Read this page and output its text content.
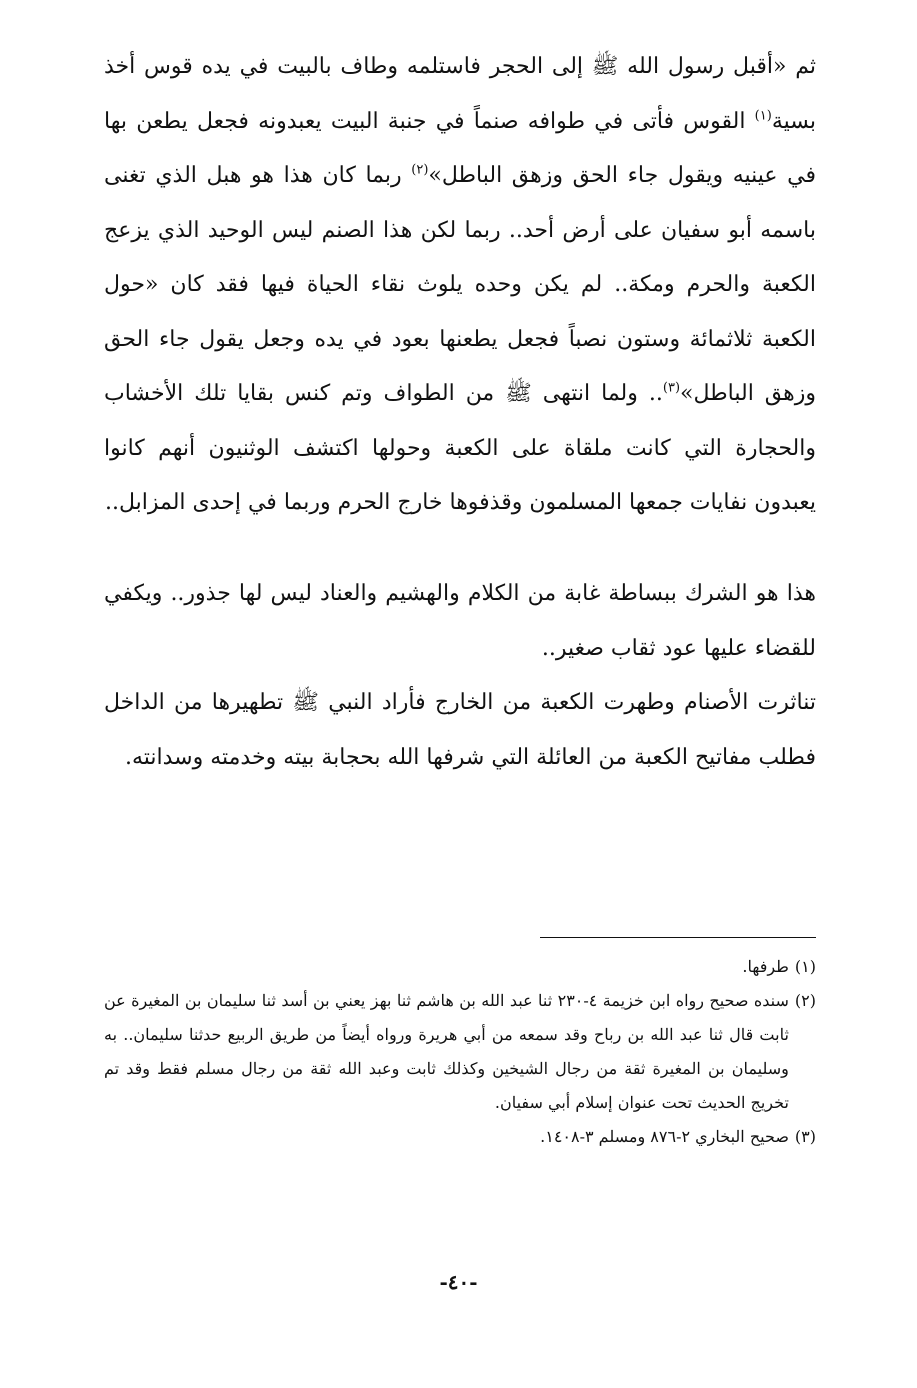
ثم «أقبل رسول الله ﷺ إلى الحجر فاستلمه وطاف بالبيت في يده قوس أخذ بسية$^{(١)}$ القوس فأتى في طوافه صنماً في جنبة البيت يعبدونه فجعل يطعن بها في عينيه ويقول جاء الحق وزهق الباطل»$^{(٢)}$ ربما كان هذا هو هبل الذي تغنى باسمه أبو سفيان على أرض أحد.. ربما لكن هذا الصنم ليس الوحيد الذي يزعج الكعبة والحرم ومكة.. لم يكن وحده يلوث نقاء الحياة فيها فقد كان «حول الكعبة ثلاثمائة وستون نصباً فجعل يطعنها بعود في يده وجعل يقول جاء الحق وزهق الباطل»$^{(٣)}$.. ولما انتهى ﷺ من الطواف وتم كنس بقايا تلك الأخشاب والحجارة التي كانت ملقاة على الكعبة وحولها اكتشف الوثنيون أنهم كانوا يعبدون نفايات جمعها المسلمون وقذفوها خارج الحرم وربما في إحدى المزابل..

هذا هو الشرك ببساطة غابة من الكلام والهشيم والعناد ليس لها جذور.. ويكفي للقضاء عليها عود ثقاب صغير..

تناثرت الأصنام وطهرت الكعبة من الخارج فأراد النبي ﷺ تطهيرها من الداخل فطلب مفاتيح الكعبة من العائلة التي شرفها الله بحجابة بيته وخدمته وسدانته.

(١)
طرفها.
(٢)
سنده صحيح رواه ابن خزيمة ٤-٢٣٠ ثنا عبد الله بن هاشم ثنا بهز يعني بن أسد ثنا سليمان بن المغيرة عن ثابت قال ثنا عبد الله بن رباح وقد سمعه من أبي هريرة ورواه أيضاً من طريق الربيع حدثنا سليمان.. به وسليمان بن المغيرة ثقة من رجال الشيخين وكذلك ثابت وعبد الله ثقة من رجال مسلم فقط وقد تم تخريج الحديث تحت عنوان إسلام أبي سفيان.
(٣)
صحيح البخاري ٢-٨٧٦ ومسلم ٣-١٤٠٨.
-٤٠-
